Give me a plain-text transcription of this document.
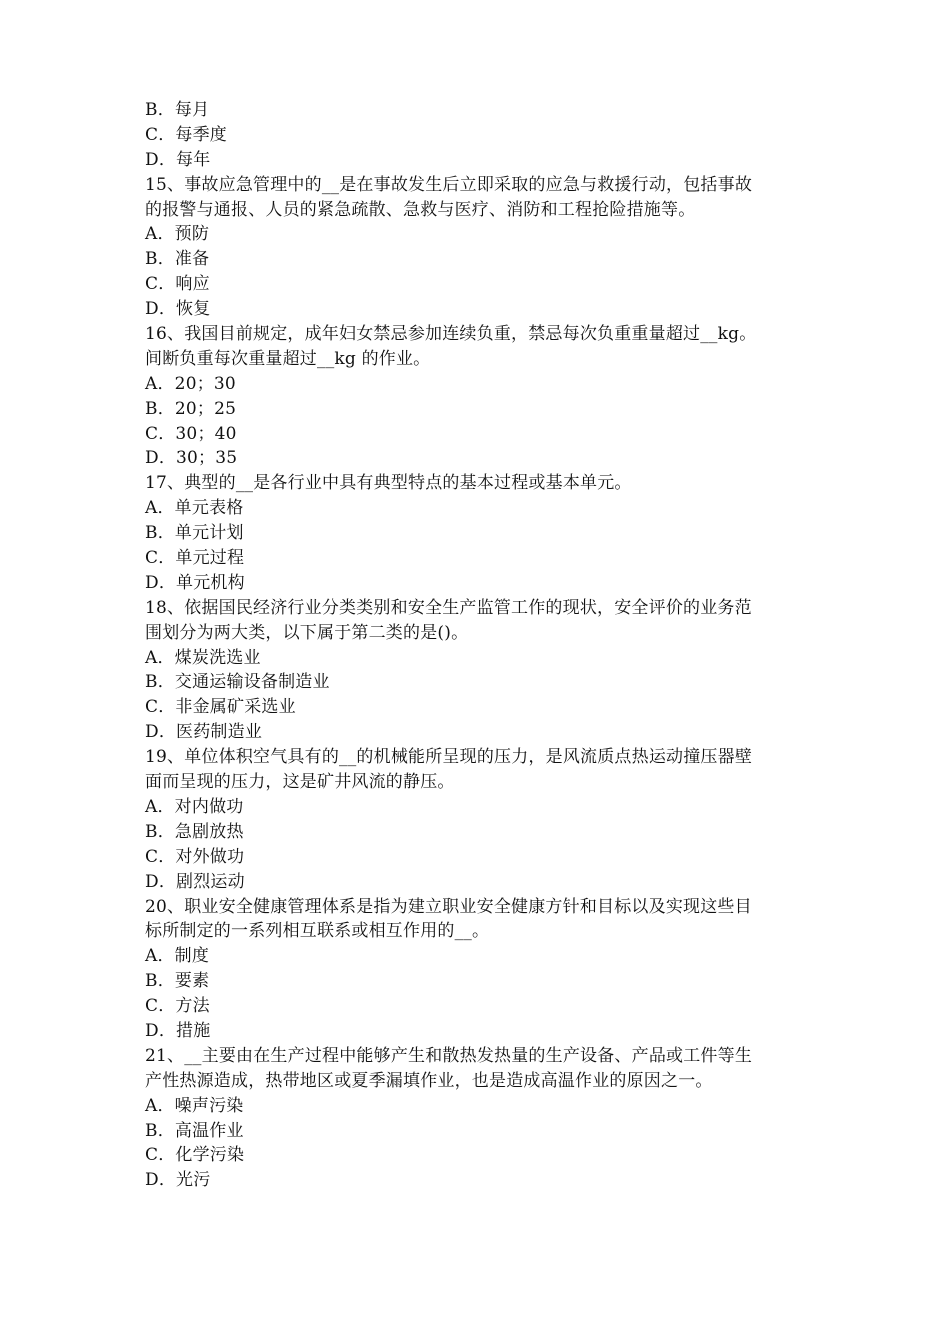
B．每月
C．每季度
D．每年
15、事故应急管理中的__是在事故发生后立即采取的应急与救援行动，包括事故
的报警与通报、人员的紧急疏散、急救与医疗、消防和工程抢险措施等。
A．预防
B．准备
C．响应
D．恢复
16、我国目前规定，成年妇女禁忌参加连续负重，禁忌每次负重重量超过__kg。
间断负重每次重量超过__kg 的作业。
A．20；30
B．20；25
C．30；40
D．30；35
17、典型的__是各行业中具有典型特点的基本过程或基本单元。
A．单元表格
B．单元计划
C．单元过程
D．单元机构
18、依据国民经济行业分类类别和安全生产监管工作的现状，安全评价的业务范
围划分为两大类，以下属于第二类的是()。
A．煤炭洗选业
B．交通运输设备制造业
C．非金属矿采选业
D．医药制造业
19、单位体积空气具有的__的机械能所呈现的压力，是风流质点热运动撞压器壁
面而呈现的压力，这是矿井风流的静压。
A．对内做功
B．急剧放热
C．对外做功
D．剧烈运动
20、职业安全健康管理体系是指为建立职业安全健康方针和目标以及实现这些目
标所制定的一系列相互联系或相互作用的__。
A．制度
B．要素
C．方法
D．措施
21、__主要由在生产过程中能够产生和散热发热量的生产设备、产品或工件等生
产性热源造成，热带地区或夏季漏填作业，也是造成高温作业的原因之一。
A．噪声污染
B．高温作业
C．化学污染
D．光污
